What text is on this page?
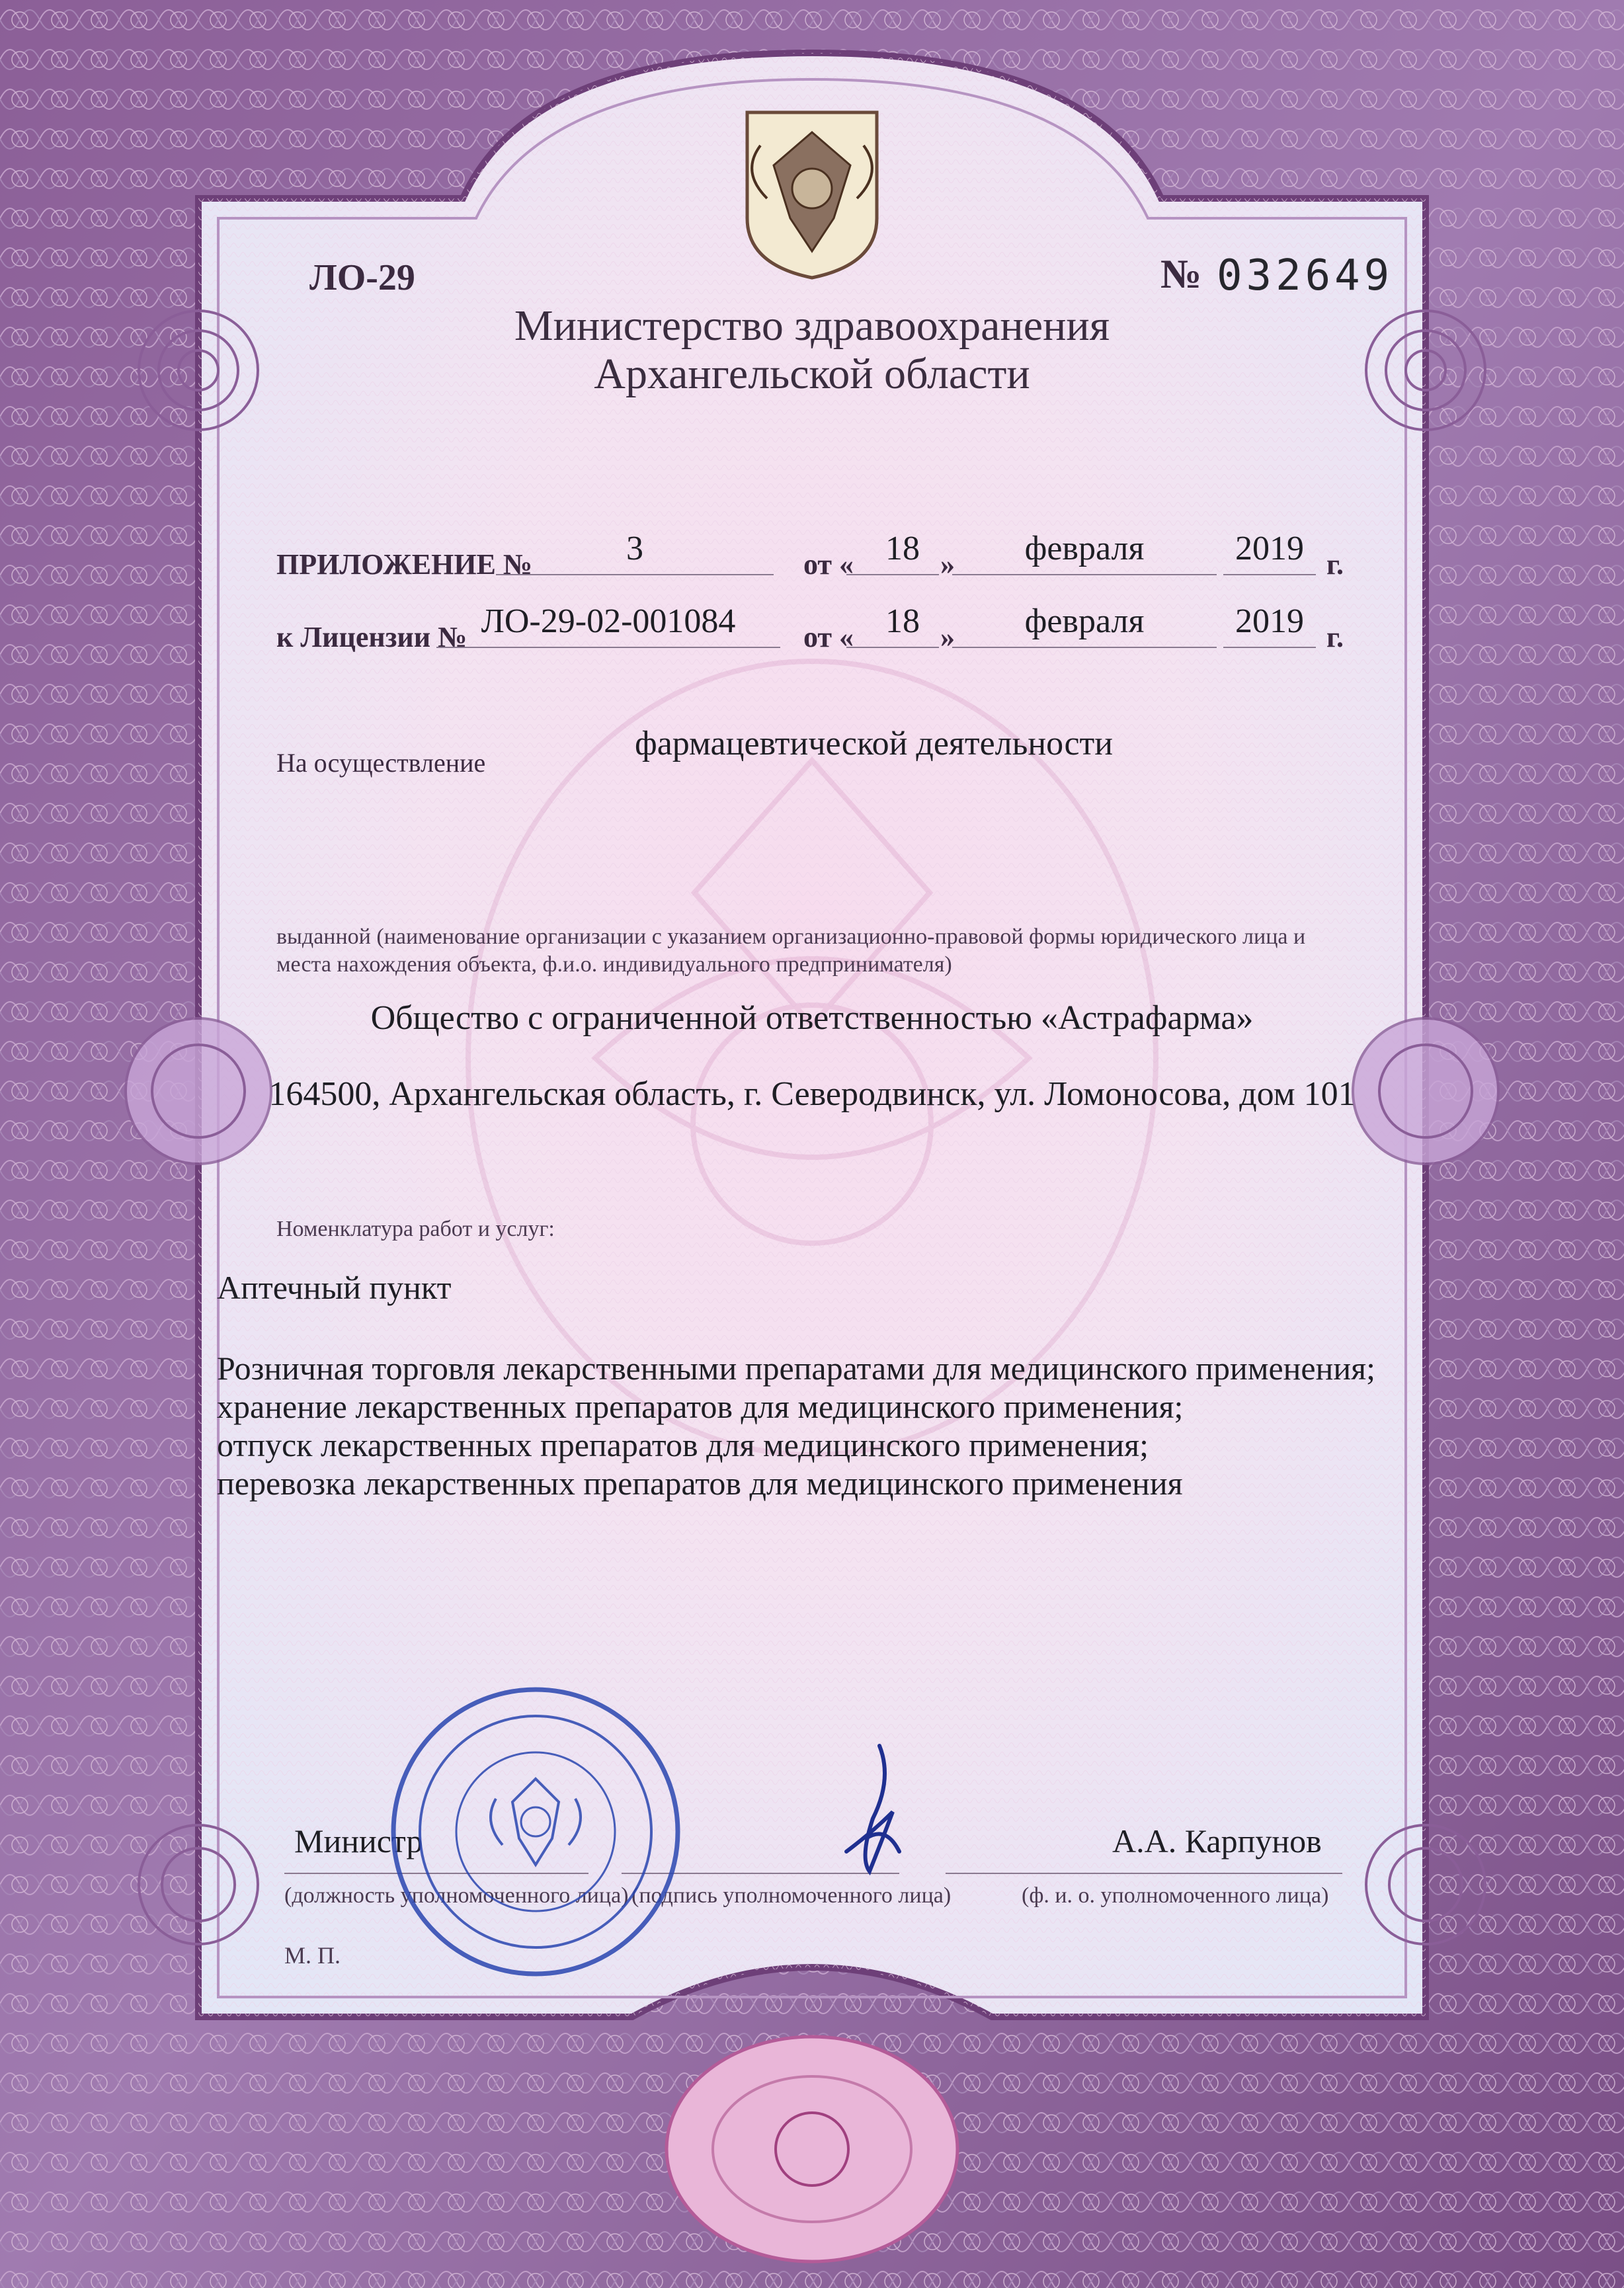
ЛО-29	№ 032649
Министерство здравоохранения
Архангельской области
ПРИЛОЖЕНИЕ №	3	от « 18 »	февраля	2019 г.
к Лицензии № ЛО-29-02-001084	от « 18 »	февраля	2019 г.
На осуществление
фармацевтической деятельности
выданной (наименование организации с указанием организационно-правовой формы юридического лица и
места нахождения объекта, ф.и.о. индивидуального предпринимателя)
Общество с ограниченной ответственностью «Астрафарма»
164500, Архангельская область, г. Северодвинск, ул. Ломоносова, дом 101
Номенклатура работ и услуг:
Аптечный пункт
Розничная торговля лекарственными препаратами для медицинского применения;
хранение лекарственных препаратов для медицинского применения;
отпуск лекарственных препаратов для медицинского применения;
перевозка лекарственных препаратов для медицинского применения
Министр
(должность уполномоченного лица) (подпись уполномоченного лица)
А.А. Карпунов
(ф. и. о. уполномоченного лица)
М. П.
